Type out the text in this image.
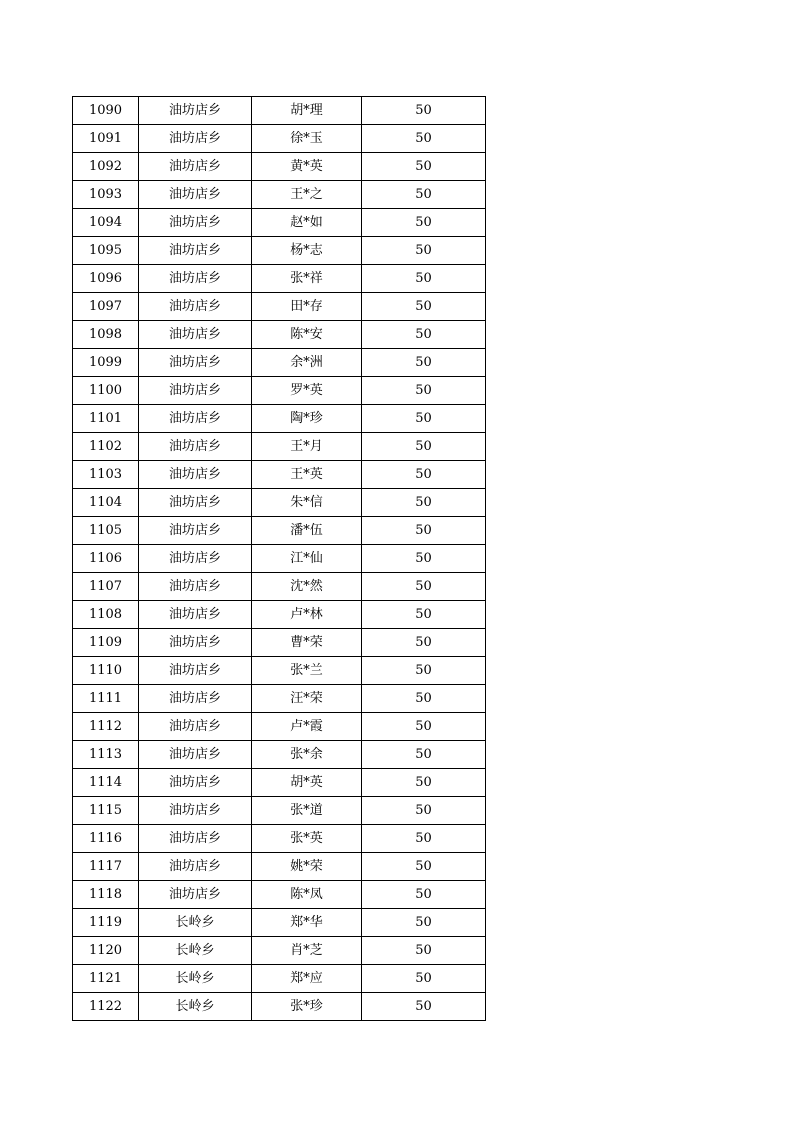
1090	油坊店乡	胡*理	50
1091	油坊店乡	徐*玉	50
1092	油坊店乡	黄*英	50
1093	油坊店乡	王*之	50
1094	油坊店乡	赵*如	50
1095	油坊店乡	杨*志	50
1096	油坊店乡	张*祥	50
1097	油坊店乡	田*存	50
1098	油坊店乡	陈*安	50
1099	油坊店乡	余*洲	50
1100	油坊店乡	罗*英	50
1101	油坊店乡	陶*珍	50
1102	油坊店乡	王*月	50
1103	油坊店乡	王*英	50
1104	油坊店乡	朱*信	50
1105	油坊店乡	潘*伍	50
1106	油坊店乡	江*仙	50
1107	油坊店乡	沈*然	50
1108	油坊店乡	卢*林	50
1109	油坊店乡	曹*荣	50
1110	油坊店乡	张*兰	50
1111	油坊店乡	汪*荣	50
1112	油坊店乡	卢*霞	50
1113	油坊店乡	张*余	50
1114	油坊店乡	胡*英	50
1115	油坊店乡	张*道	50
1116	油坊店乡	张*英	50
1117	油坊店乡	姚*荣	50
1118	油坊店乡	陈*凤	50
1119	长岭乡	郑*华	50
1120	长岭乡	肖*芝	50
1121	长岭乡	郑*应	50
1122	长岭乡	张*珍	50
